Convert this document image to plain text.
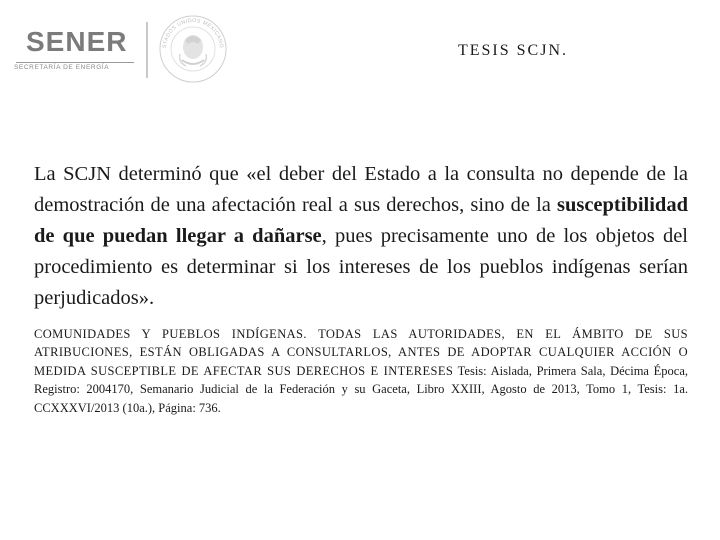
SENER
SECRETARÍA DE ENERGÍA
STADOS UNIDOS MEXICANO	TESIS SCJN.

La SCJN determinó que «el deber del Estado a la consulta no depende de la demostración de una afectación real a sus derechos, sino de la susceptibilidad de que puedan llegar a dañarse, pues precisamente uno de los objetos del procedimiento es determinar si los intereses de los pueblos indígenas serían perjudicados».

COMUNIDADES Y PUEBLOS INDÍGENAS. TODAS LAS AUTORIDADES, EN EL ÁMBITO DE SUS ATRIBUCIONES, ESTÁN OBLIGADAS A CONSULTARLOS, ANTES DE ADOPTAR CUALQUIER ACCIÓN O MEDIDA SUSCEPTIBLE DE AFECTAR SUS DERECHOS E INTERESES Tesis: Aislada, Primera Sala, Décima Época, Registro: 2004170, Semanario Judicial de la Federación y su Gaceta, Libro XXIII, Agosto de 2013, Tomo 1, Tesis: 1a. CCXXXVI/2013 (10a.), Página: 736.
